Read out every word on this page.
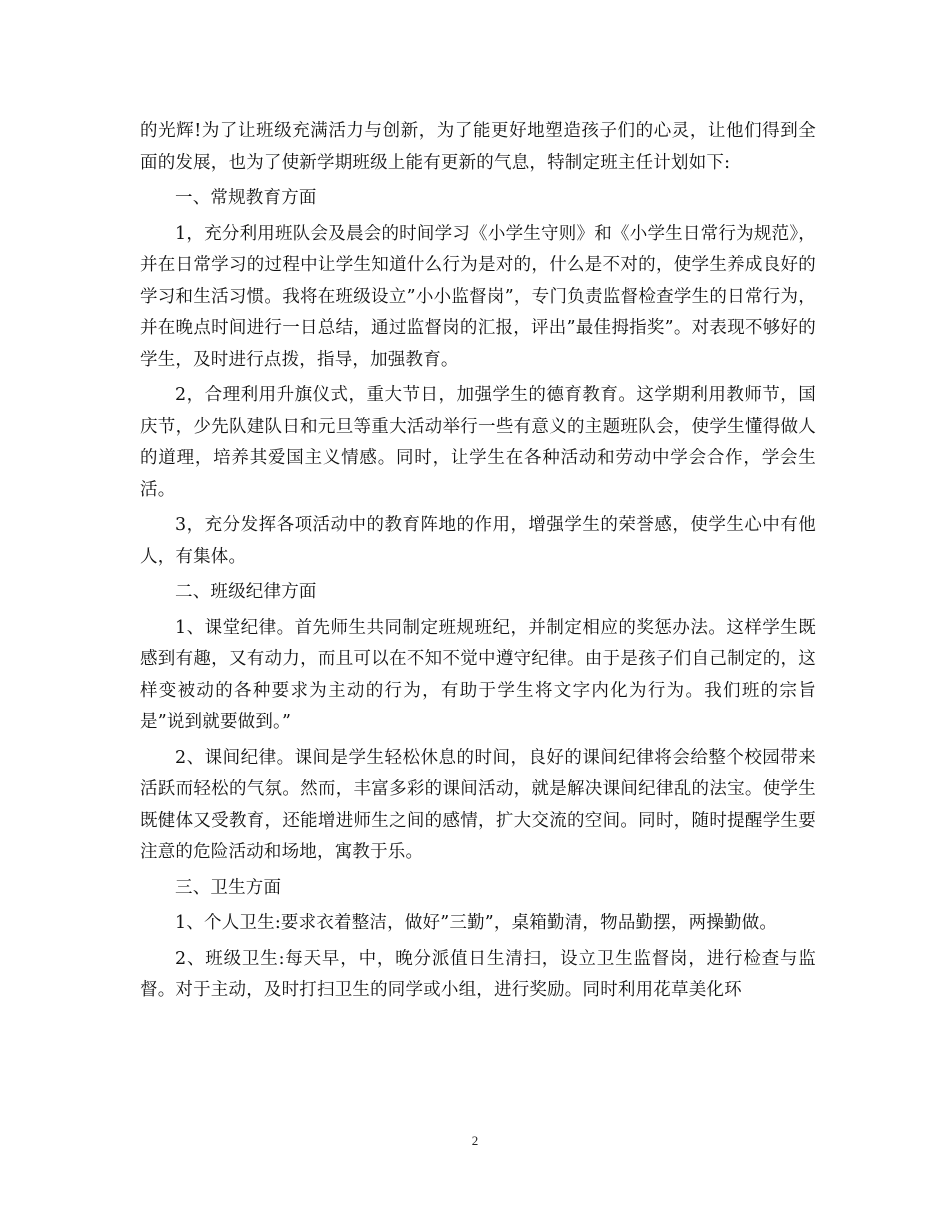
的光辉!为了让班级充满活力与创新，为了能更好地塑造孩子们的心灵，让他们得到全面的发展，也为了使新学期班级上能有更新的气息，特制定班主任计划如下:

一、常规教育方面

1，充分利用班队会及晨会的时间学习《小学生守则》和《小学生日常行为规范》，并在日常学习的过程中让学生知道什么行为是对的，什么是不对的，使学生养成良好的学习和生活习惯。我将在班级设立”小小监督岗”，专门负责监督检查学生的日常行为，并在晚点时间进行一日总结，通过监督岗的汇报，评出”最佳拇指奖”。对表现不够好的学生，及时进行点拨，指导，加强教育。

2，合理利用升旗仪式，重大节日，加强学生的德育教育。这学期利用教师节，国庆节，少先队建队日和元旦等重大活动举行一些有意义的主题班队会，使学生懂得做人的道理，培养其爱国主义情感。同时，让学生在各种活动和劳动中学会合作，学会生活。

3，充分发挥各项活动中的教育阵地的作用，增强学生的荣誉感，使学生心中有他人，有集体。

二、班级纪律方面

1、课堂纪律。首先师生共同制定班规班纪，并制定相应的奖惩办法。这样学生既感到有趣，又有动力，而且可以在不知不觉中遵守纪律。由于是孩子们自己制定的，这样变被动的各种要求为主动的行为，有助于学生将文字内化为行为。我们班的宗旨是”说到就要做到。”

2、课间纪律。课间是学生轻松休息的时间，良好的课间纪律将会给整个校园带来活跃而轻松的气氛。然而，丰富多彩的课间活动，就是解决课间纪律乱的法宝。使学生既健体又受教育，还能增进师生之间的感情，扩大交流的空间。同时，随时提醒学生要注意的危险活动和场地，寓教于乐。

三、卫生方面

1、个人卫生:要求衣着整洁，做好”三勤”，桌箱勤清，物品勤摆，两操勤做。

2、班级卫生:每天早，中，晚分派值日生清扫，设立卫生监督岗，进行检查与监督。对于主动，及时打扫卫生的同学或小组，进行奖励。同时利用花草美化环

2
